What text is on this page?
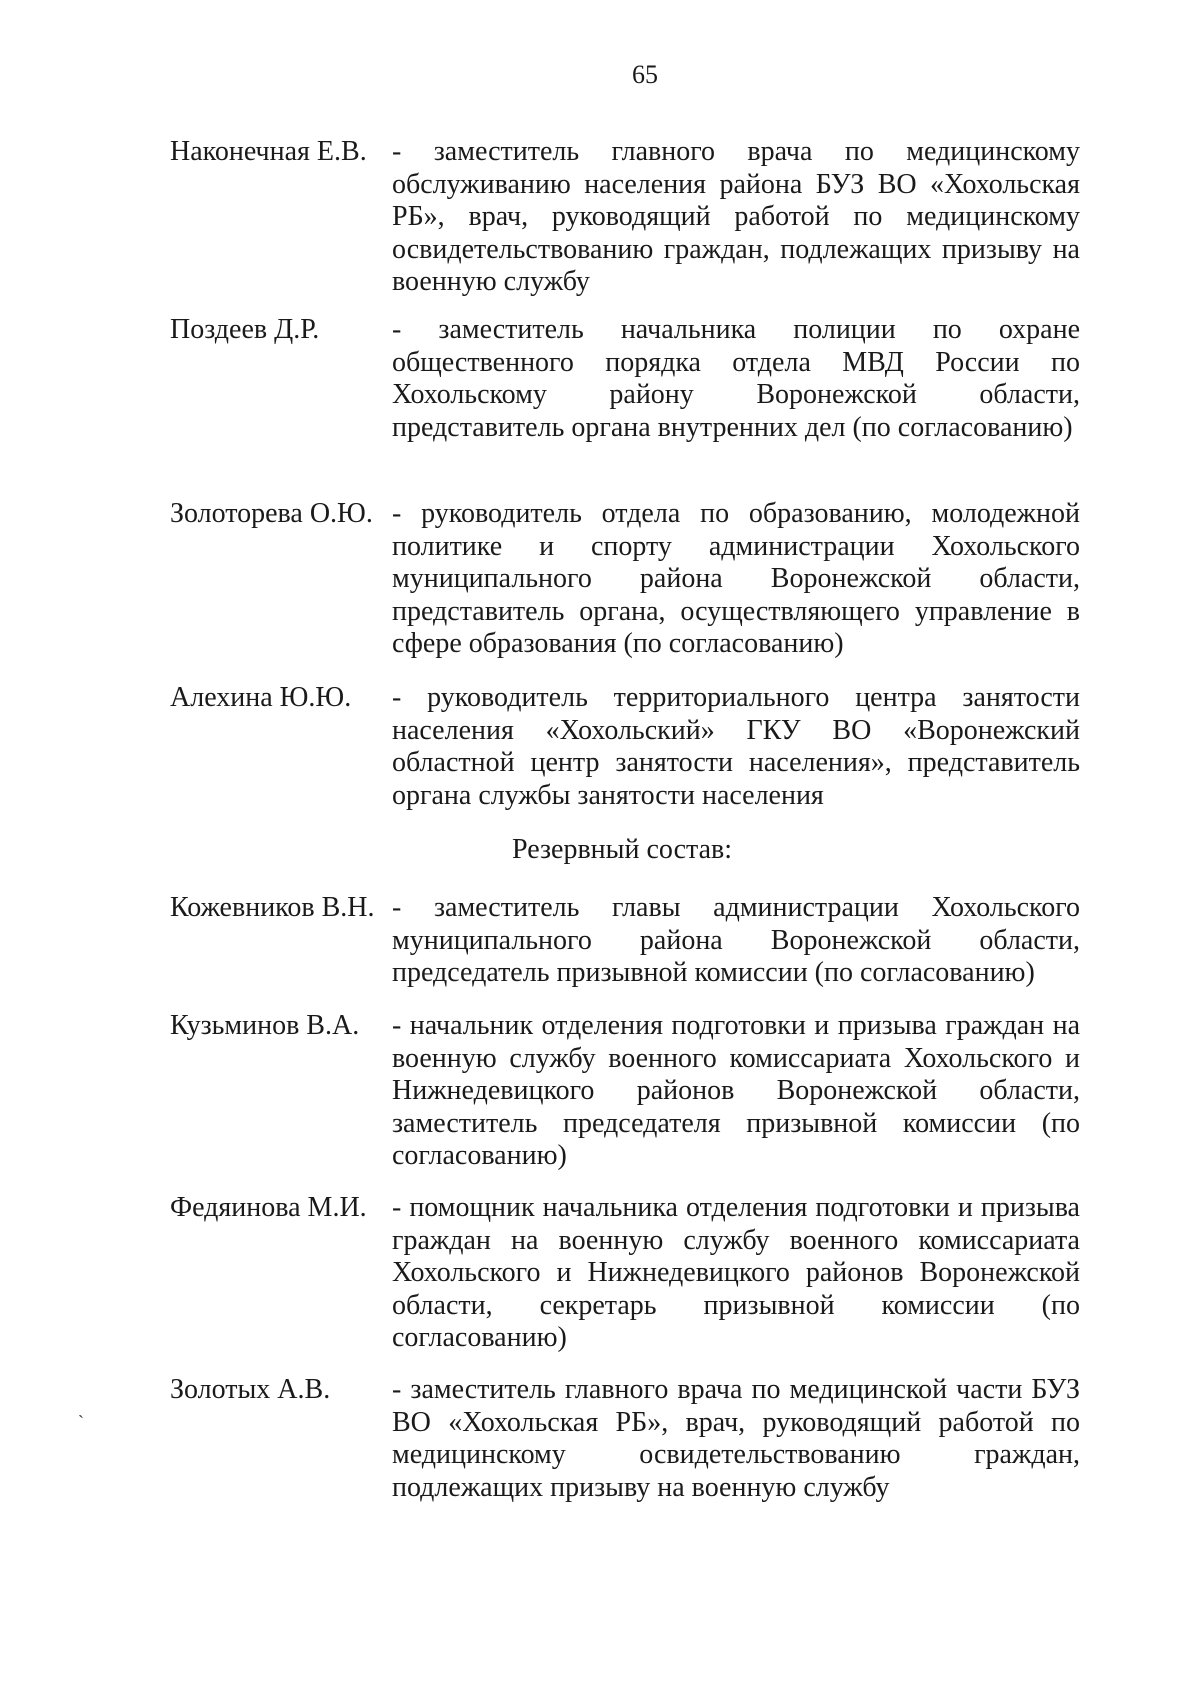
65
Наконечная Е.В. - заместитель главного врача по медицинскому обслуживанию населения района БУЗ ВО «Хохольская РБ», врач, руководящий работой по медицинскому освидетельствованию граждан, подлежащих призыву на военную службу
Поздеев Д.Р.	- заместитель начальника полиции по охране общественного порядка отдела МВД России по Хохольскому району Воронежской области, представитель органа внутренних дел (по согласованию)
Золоторева О.Ю. - руководитель отдела по образованию, молодежной политике и спорту администрации Хохольского муниципального района Воронежской области, представитель органа, осуществляющего управление в сфере образования (по согласованию)
Алехина Ю.Ю.	- руководитель территориального центра занятости населения «Хохольский» ГКУ ВО «Воронежский областной центр занятости населения», представитель органа службы занятости населения
Резервный состав:
Кожевников В.Н. - заместитель главы администрации Хохольского муниципального района Воронежской области, председатель призывной комиссии (по согласованию)
Кузьминов В.А.	- начальник отделения подготовки и призыва граждан на военную службу военного комиссариата Хохольского и Нижнедевицкого районов Воронежской области, заместитель председателя призывной комиссии (по согласованию)
Федяинова М.И. - помощник начальника отделения подготовки и призыва граждан на военную службу военного комиссариата Хохольского и Нижнедевицкого районов Воронежской области, секретарь призывной комиссии (по согласованию)
Золотых А.В.	- заместитель главного врача по медицинской части БУЗ ВО «Хохольская РБ», врач, руководящий работой по медицинскому освидетельствованию граждан, подлежащих призыву на военную службу
ˎ
